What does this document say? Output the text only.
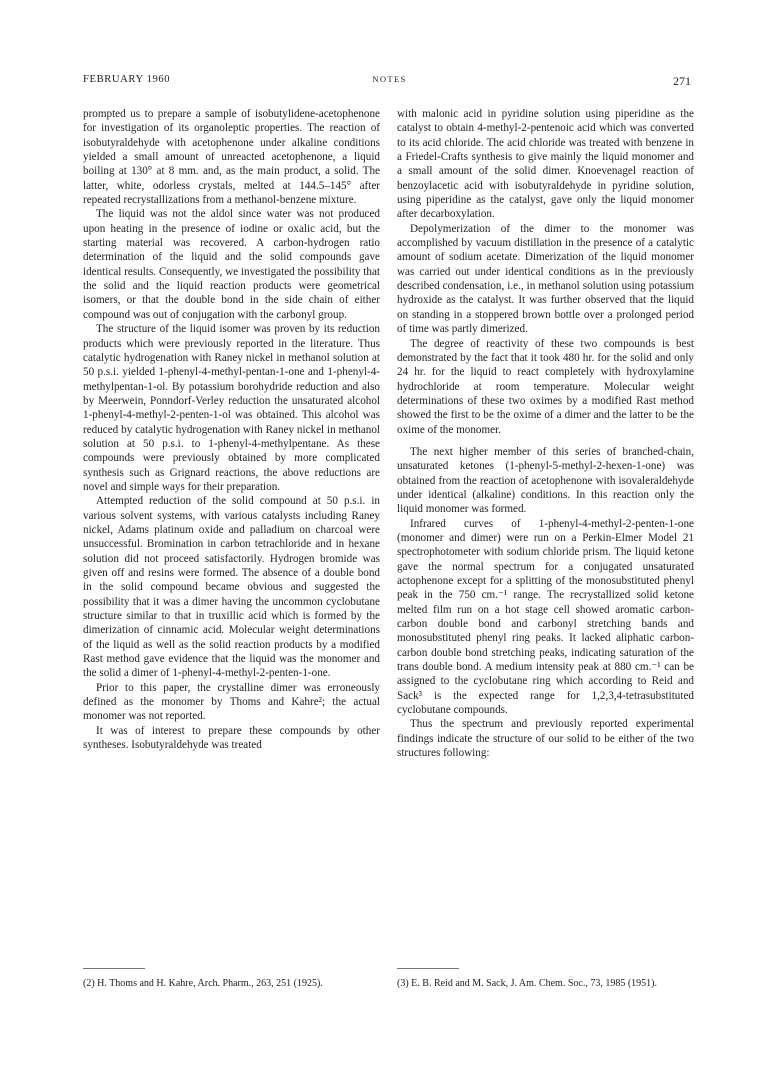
FEBRUARY 1960	NOTES	271

prompted us to prepare a sample of isobutylidene-acetophenone for investigation of its organoleptic properties. The reaction of isobutyraldehyde with acetophenone under alkaline conditions yielded a small amount of unreacted acetophenone, a liquid boiling at 130° at 8 mm. and, as the main product, a solid. The latter, white, odorless crystals, melted at 144.5–145° after repeated recrystallizations from a methanol-benzene mixture.

The liquid was not the aldol since water was not produced upon heating in the presence of iodine or oxalic acid, but the starting material was recovered. A carbon-hydrogen ratio determination of the liquid and the solid compounds gave identical results. Consequently, we investigated the possibility that the solid and the liquid reaction products were geometrical isomers, or that the double bond in the side chain of either compound was out of conjugation with the carbonyl group.

The structure of the liquid isomer was proven by its reduction products which were previously reported in the literature. Thus catalytic hydrogenation with Raney nickel in methanol solution at 50 p.s.i. yielded 1-phenyl-4-methyl-pentan-1-one and 1-phenyl-4-methylpentan-1-ol. By potassium borohydride reduction and also by Meerwein, Ponndorf-Verley reduction the unsaturated alcohol 1-phenyl-4-methyl-2-penten-1-ol was obtained. This alcohol was reduced by catalytic hydrogenation with Raney nickel in methanol solution at 50 p.s.i. to 1-phenyl-4-methylpentane. As these compounds were previously obtained by more complicated synthesis such as Grignard reactions, the above reductions are novel and simple ways for their preparation.

Attempted reduction of the solid compound at 50 p.s.i. in various solvent systems, with various catalysts including Raney nickel, Adams platinum oxide and palladium on charcoal were unsuccessful. Bromination in carbon tetrachloride and in hexane solution did not proceed satisfactorily. Hydrogen bromide was given off and resins were formed. The absence of a double bond in the solid compound became obvious and suggested the possibility that it was a dimer having the uncommon cyclobutane structure similar to that in truxillic acid which is formed by the dimerization of cinnamic acid. Molecular weight determinations of the liquid as well as the solid reaction products by a modified Rast method gave evidence that the liquid was the monomer and the solid a dimer of 1-phenyl-4-methyl-2-penten-1-one.

Prior to this paper, the crystalline dimer was erroneously defined as the monomer by Thoms and Kahre²; the actual monomer was not reported.

It was of interest to prepare these compounds by other syntheses. Isobutyraldehyde was treated

with malonic acid in pyridine solution using piperidine as the catalyst to obtain 4-methyl-2-pentenoic acid which was converted to its acid chloride. The acid chloride was treated with benzene in a Friedel-Crafts synthesis to give mainly the liquid monomer and a small amount of the solid dimer. Knoevenagel reaction of benzoylacetic acid with isobutyraldehyde in pyridine solution, using piperidine as the catalyst, gave only the liquid monomer after decarboxylation.

Depolymerization of the dimer to the monomer was accomplished by vacuum distillation in the presence of a catalytic amount of sodium acetate. Dimerization of the liquid monomer was carried out under identical conditions as in the previously described condensation, i.e., in methanol solution using potassium hydroxide as the catalyst. It was further observed that the liquid on standing in a stoppered brown bottle over a prolonged period of time was partly dimerized.

The degree of reactivity of these two compounds is best demonstrated by the fact that it took 480 hr. for the solid and only 24 hr. for the liquid to react completely with hydroxylamine hydrochloride at room temperature. Molecular weight determinations of these two oximes by a modified Rast method showed the first to be the oxime of a dimer and the latter to be the oxime of the monomer.

The next higher member of this series of branched-chain, unsaturated ketones (1-phenyl-5-methyl-2-hexen-1-one) was obtained from the reaction of acetophenone with isovaleraldehyde under identical (alkaline) conditions. In this reaction only the liquid monomer was formed.

Infrared curves of 1-phenyl-4-methyl-2-penten-1-one (monomer and dimer) were run on a Perkin-Elmer Model 21 spectrophotometer with sodium chloride prism. The liquid ketone gave the normal spectrum for a conjugated unsaturated actophenone except for a splitting of the monosubstituted phenyl peak in the 750 cm.⁻¹ range. The recrystallized solid ketone melted film run on a hot stage cell showed aromatic carbon-carbon double bond and carbonyl stretching bands and monosubstituted phenyl ring peaks. It lacked aliphatic carbon-carbon double bond stretching peaks, indicating saturation of the trans double bond. A medium intensity peak at 880 cm.⁻¹ can be assigned to the cyclobutane ring which according to Reid and Sack³ is the expected range for 1,2,3,4-tetrasubstituted cyclobutane compounds.

Thus the spectrum and previously reported experimental findings indicate the structure of our solid to be either of the two structures following:

(2) H. Thoms and H. Kahre, Arch. Pharm., 263, 251 (1925).	(3) E. B. Reid and M. Sack, J. Am. Chem. Soc., 73, 1985 (1951).
